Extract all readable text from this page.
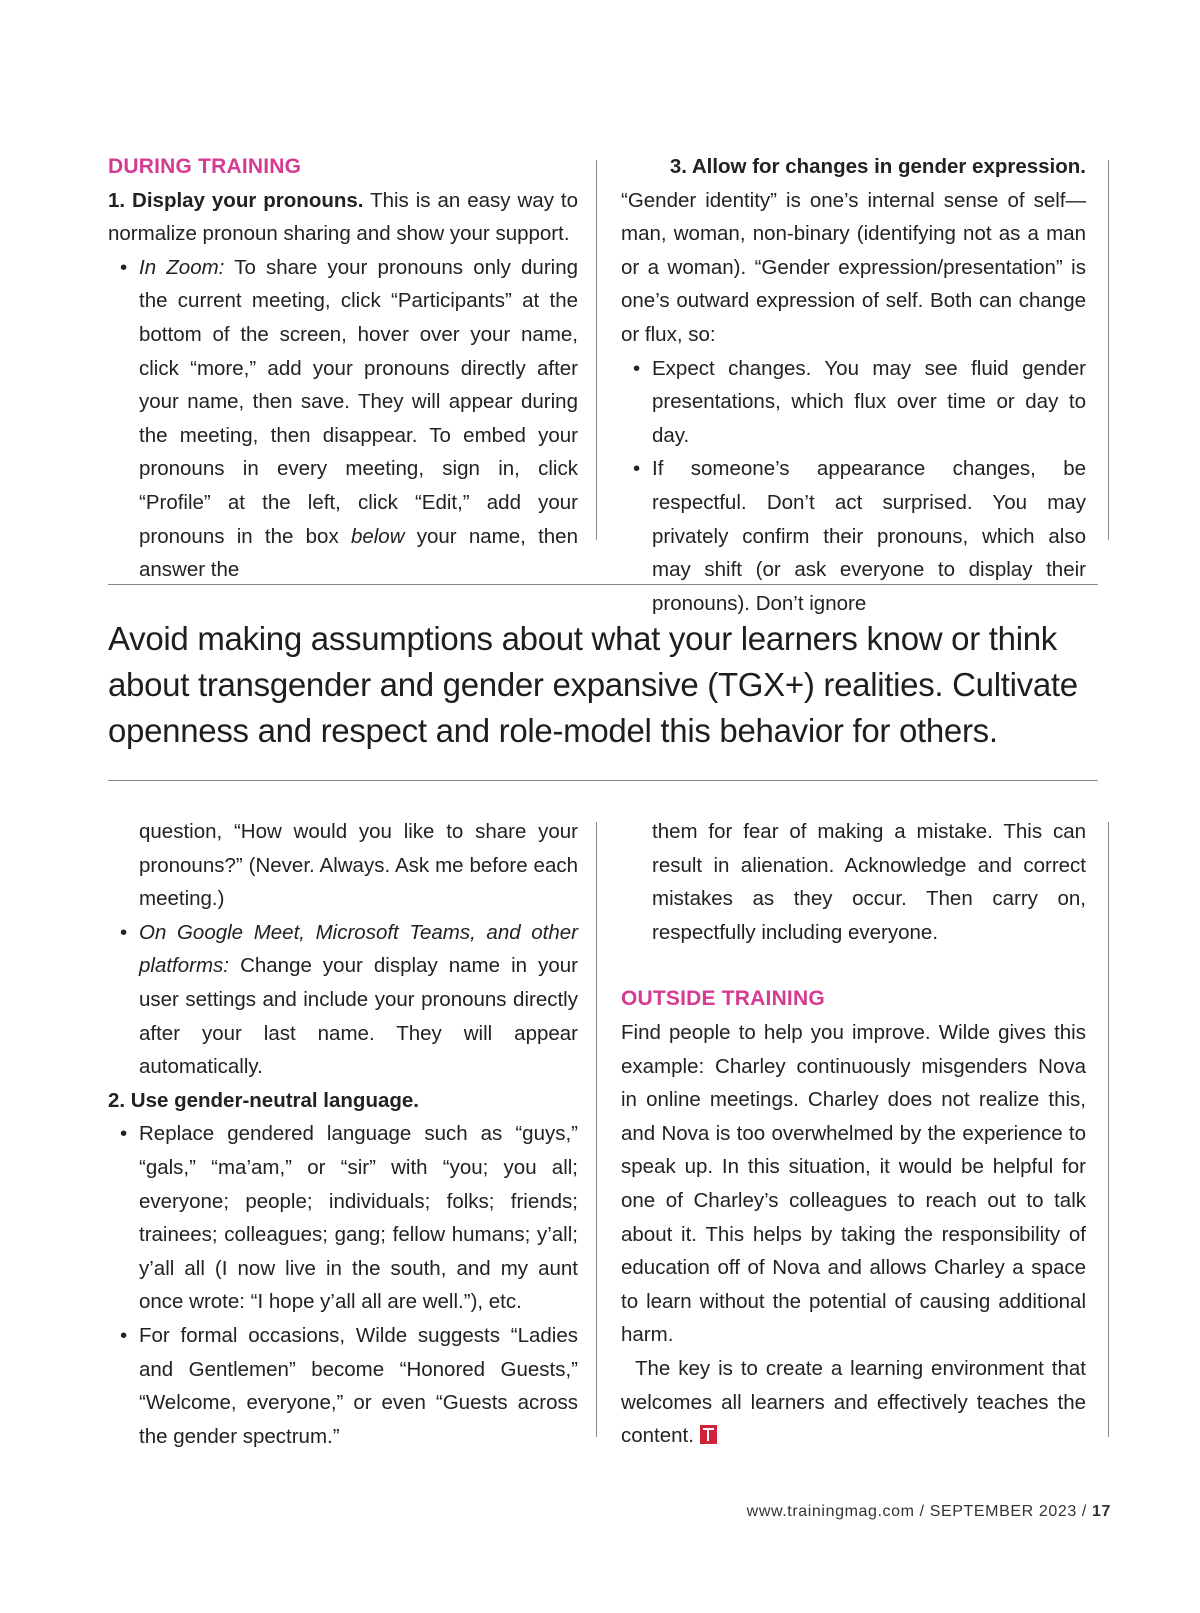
DURING TRAINING

1. Display your pronouns. This is an easy way to normalize pronoun sharing and show your support.

• In Zoom: To share your pronouns only during the current meeting, click “Participants” at the bottom of the screen, hover over your name, click “more,” add your pronouns directly after your name, then save. They will appear during the meeting, then disappear. To embed your pronouns in every meeting, sign in, click “Profile” at the left, click “Edit,” add your pronouns in the box below your name, then answer the

3. Allow for changes in gender expression.

“Gender identity” is one’s internal sense of self—man, woman, non-binary (identifying not as a man or a woman). “Gender expression/presentation” is one’s outward expression of self. Both can change or flux, so:

• Expect changes. You may see fluid gender presentations, which flux over time or day to day.

• If someone’s appearance changes, be respectful. Don’t act surprised. You may privately confirm their pronouns, which also may shift (or ask everyone to display their pronouns). Don’t ignore

Avoid making assumptions about what your learners know or think about transgender and gender expansive (TGX+) realities. Cultivate openness and respect and role-model this behavior for others.

question, “How would you like to share your pronouns?” (Never. Always. Ask me before each meeting.)

• On Google Meet, Microsoft Teams, and other platforms: Change your display name in your user settings and include your pronouns directly after your last name. They will appear automatically.

2. Use gender-neutral language.

• Replace gendered language such as “guys,” “gals,” “ma’am,” or “sir” with “you; you all; everyone; people; individuals; folks; friends; trainees; colleagues; gang; fellow humans; y’all; y’all all (I now live in the south, and my aunt once wrote: “I hope y’all all are well.”), etc.

• For formal occasions, Wilde suggests “Ladies and Gentlemen” become “Honored Guests,” “Welcome, everyone,” or even “Guests across the gender spectrum.”

them for fear of making a mistake. This can result in alienation. Acknowledge and correct mistakes as they occur. Then carry on, respectfully including everyone.

OUTSIDE TRAINING

Find people to help you improve. Wilde gives this example: Charley continuously misgenders Nova in online meetings. Charley does not realize this, and Nova is too overwhelmed by the experience to speak up. In this situation, it would be helpful for one of Charley’s colleagues to reach out to talk about it. This helps by taking the responsibility of education off of Nova and allows Charley a space to learn without the potential of causing additional harm.

The key is to create a learning environment that welcomes all learners and effectively teaches the content.

www.trainingmag.com / SEPTEMBER 2023 / 17
